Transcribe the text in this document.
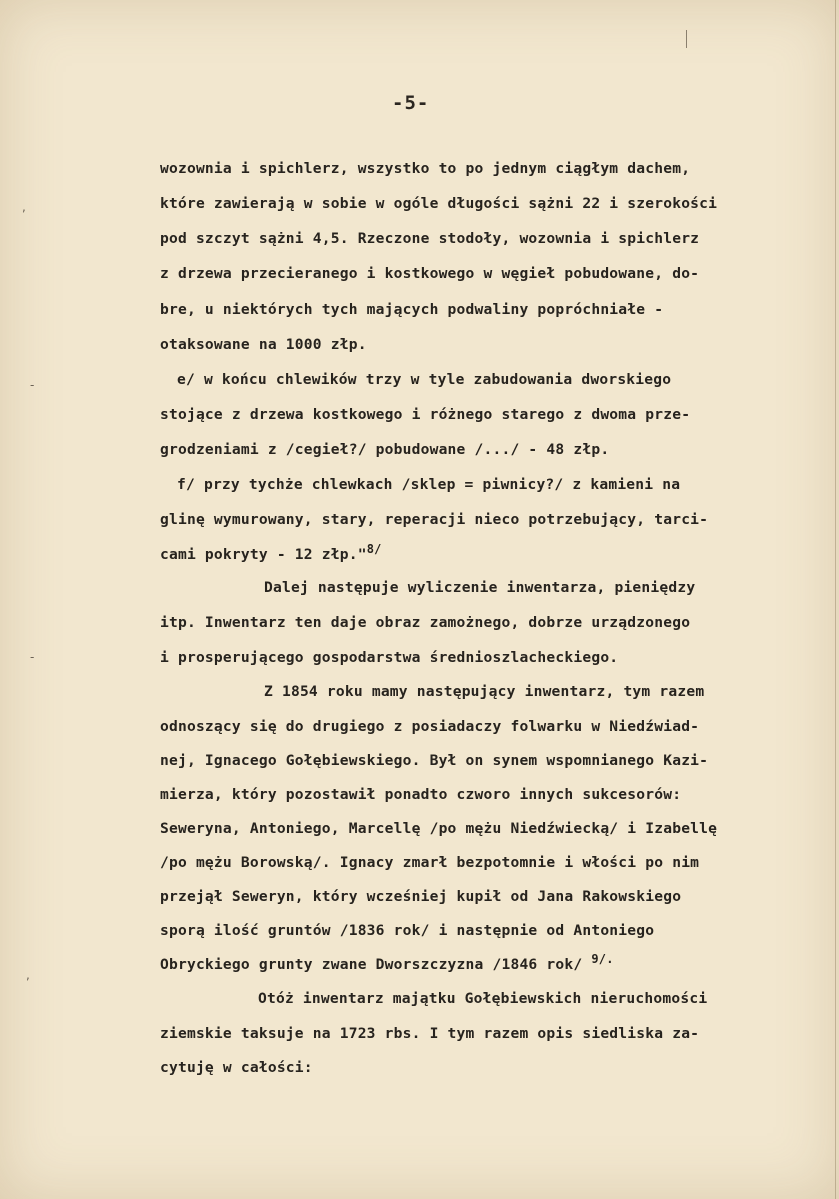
,
-
-
,
-5-
wozownia i spichlerz, wszystko to po jednym ciągłym dachem,
które zawierają w sobie w ogóle długości sążni 22 i szerokości
pod szczyt sążni 4,5. Rzeczone stodoły, wozownia i spichlerz
z drzewa przecieranego i kostkowego w węgieł pobudowane, do-
bre, u niektórych tych mających podwaliny popróchniałe -
otaksowane na 1000 złp.
e/ w końcu chlewików trzy w tyle zabudowania dworskiego
stojące z drzewa kostkowego i różnego starego z dwoma prze-
grodzeniami z /cegieł?/ pobudowane /.../ - 48 złp.
f/ przy tychże chlewkach /sklep = piwnicy?/ z kamieni na
glinę wymurowany, stary, reperacji nieco potrzebujący, tarci-
cami pokryty - 12 złp."$^{8/}$
Dalej następuje wyliczenie inwentarza, pieniędzy
itp. Inwentarz ten daje obraz zamożnego, dobrze urządzonego
i prosperującego gospodarstwa średnioszlacheckiego.
Z 1854 roku mamy następujący inwentarz, tym razem
odnoszący się do drugiego z posiadaczy folwarku w Niedźwiad-
nej, Ignacego Gołębiewskiego. Był on synem wspomnianego Kazi-
mierza, który pozostawił ponadto czworo innych sukcesorów:
Seweryna, Antoniego, Marcellę /po mężu Niedźwiecką/ i Izabellę
/po mężu Borowską/. Ignacy zmarł bezpotomnie i włości po nim
przejął Seweryn, który wcześniej kupił od Jana Rakowskiego
sporą ilość gruntów /1836 rok/ i następnie od Antoniego
Obryckiego grunty zwane Dworszczyzna /1846 rok/ $^{9/.}$
Otóż inwentarz majątku Gołębiewskich nieruchomości
ziemskie taksuje na 1723 rbs. I tym razem opis siedliska za-
cytuję w całości:
